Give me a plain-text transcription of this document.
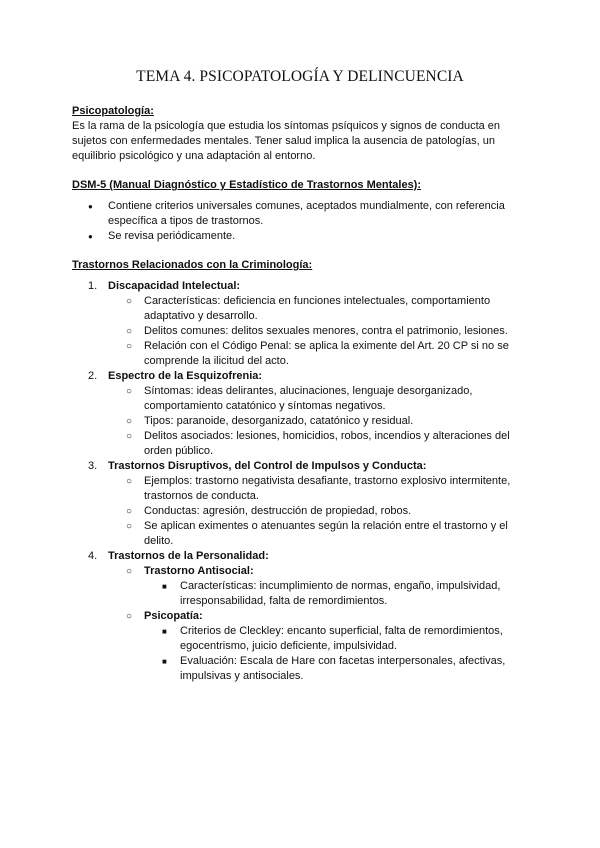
TEMA 4. PSICOPATOLOGÍA Y DELINCUENCIA

Psicopatología:

Es la rama de la psicología que estudia los síntomas psíquicos y signos de conducta en sujetos con enfermedades mentales. Tener salud implica la ausencia de patologías, un equilibrio psicológico y una adaptación al entorno.

DSM-5 (Manual Diagnóstico y Estadístico de Trastornos Mentales):

● Contiene criterios universales comunes, aceptados mundialmente, con referencia específica a tipos de trastornos.
● Se revisa periódicamente.

Trastornos Relacionados con la Criminología:

1. Discapacidad Intelectual:
○ Características: deficiencia en funciones intelectuales, comportamiento adaptativo y desarrollo.
○ Delitos comunes: delitos sexuales menores, contra el patrimonio, lesiones.
○ Relación con el Código Penal: se aplica la eximente del Art. 20 CP si no se comprende la ilicitud del acto.
2. Espectro de la Esquizofrenia:
○ Síntomas: ideas delirantes, alucinaciones, lenguaje desorganizado, comportamiento catatónico y síntomas negativos.
○ Tipos: paranoide, desorganizado, catatónico y residual.
○ Delitos asociados: lesiones, homicidios, robos, incendios y alteraciones del orden público.
3. Trastornos Disruptivos, del Control de Impulsos y Conducta:
○ Ejemplos: trastorno negativista desafiante, trastorno explosivo intermitente, trastornos de conducta.
○ Conductas: agresión, destrucción de propiedad, robos.
○ Se aplican eximentes o atenuantes según la relación entre el trastorno y el delito.
4. Trastornos de la Personalidad:
○ Trastorno Antisocial:
■ Características: incumplimiento de normas, engaño, impulsividad, irresponsabilidad, falta de remordimientos.
○ Psicopatía:
■ Criterios de Cleckley: encanto superficial, falta de remordimientos, egocentrismo, juicio deficiente, impulsividad.
■ Evaluación: Escala de Hare con facetas interpersonales, afectivas, impulsivas y antisociales.
